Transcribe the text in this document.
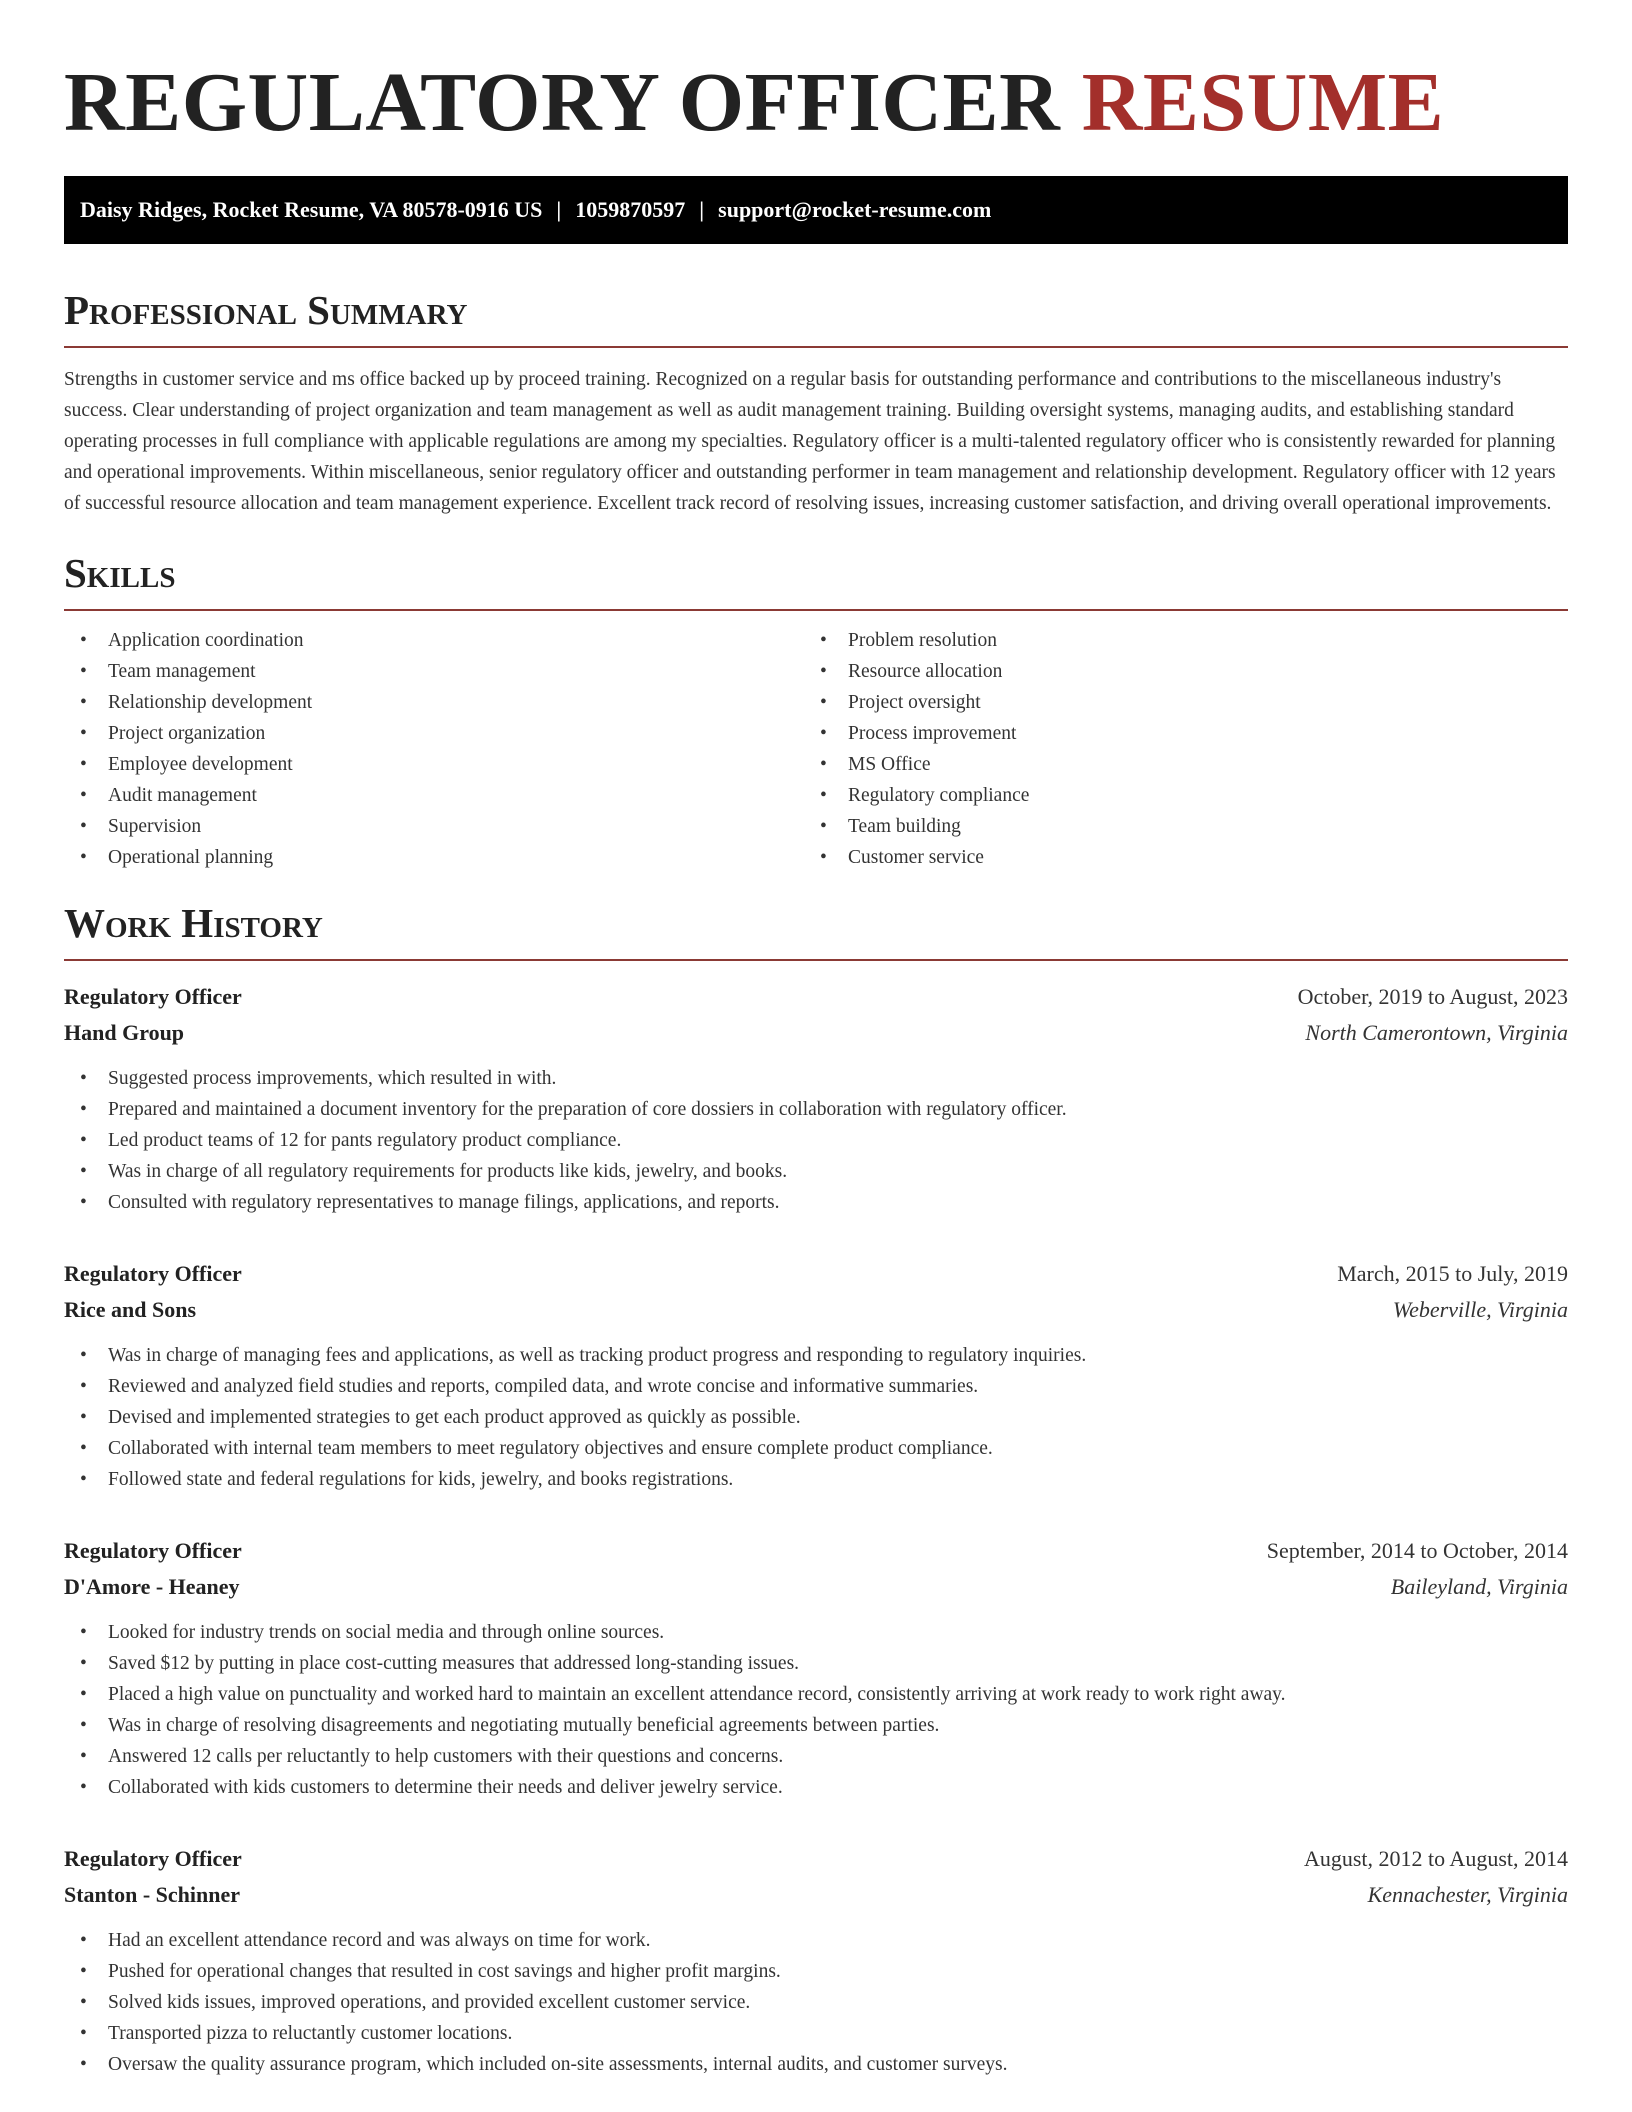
REGULATORY OFFICER RESUME
Daisy Ridges, Rocket Resume, VA 80578-0916 US | 1059870597 | support@rocket-resume.com
Professional Summary

Strengths in customer service and ms office backed up by proceed training. Recognized on a regular basis for outstanding performance and contributions to the miscellaneous industry's success. Clear understanding of project organization and team management as well as audit management training. Building oversight systems, managing audits, and establishing standard operating processes in full compliance with applicable regulations are among my specialties. Regulatory officer is a multi-talented regulatory officer who is consistently rewarded for planning and operational improvements. Within miscellaneous, senior regulatory officer and outstanding performer in team management and relationship development. Regulatory officer with 12 years of successful resource allocation and team management experience. Excellent track record of resolving issues, increasing customer satisfaction, and driving overall operational improvements.

Skills
• Application coordination
• Team management
• Relationship development
• Project organization
• Employee development
• Audit management
• Supervision
• Operational planning
• Problem resolution
• Resource allocation
• Project oversight
• Process improvement
• MS Office
• Regulatory compliance
• Team building
• Customer service
Work History
Regulatory Officer	October, 2019 to August, 2023
Hand Group	North Camerontown, Virginia
• Suggested process improvements, which resulted in with.
• Prepared and maintained a document inventory for the preparation of core dossiers in collaboration with regulatory officer.
• Led product teams of 12 for pants regulatory product compliance.
• Was in charge of all regulatory requirements for products like kids, jewelry, and books.
• Consulted with regulatory representatives to manage filings, applications, and reports.
Regulatory Officer	March, 2015 to July, 2019
Rice and Sons	Weberville, Virginia
• Was in charge of managing fees and applications, as well as tracking product progress and responding to regulatory inquiries.
• Reviewed and analyzed field studies and reports, compiled data, and wrote concise and informative summaries.
• Devised and implemented strategies to get each product approved as quickly as possible.
• Collaborated with internal team members to meet regulatory objectives and ensure complete product compliance.
• Followed state and federal regulations for kids, jewelry, and books registrations.
Regulatory Officer	September, 2014 to October, 2014
D'Amore - Heaney	Baileyland, Virginia
• Looked for industry trends on social media and through online sources.
• Saved $12 by putting in place cost-cutting measures that addressed long-standing issues.
• Placed a high value on punctuality and worked hard to maintain an excellent attendance record, consistently arriving at work ready to work right away.
• Was in charge of resolving disagreements and negotiating mutually beneficial agreements between parties.
• Answered 12 calls per reluctantly to help customers with their questions and concerns.
• Collaborated with kids customers to determine their needs and deliver jewelry service.
Regulatory Officer	August, 2012 to August, 2014
Stanton - Schinner	Kennachester, Virginia
• Had an excellent attendance record and was always on time for work.
• Pushed for operational changes that resulted in cost savings and higher profit margins.
• Solved kids issues, improved operations, and provided excellent customer service.
• Transported pizza to reluctantly customer locations.
• Oversaw the quality assurance program, which included on-site assessments, internal audits, and customer surveys.
